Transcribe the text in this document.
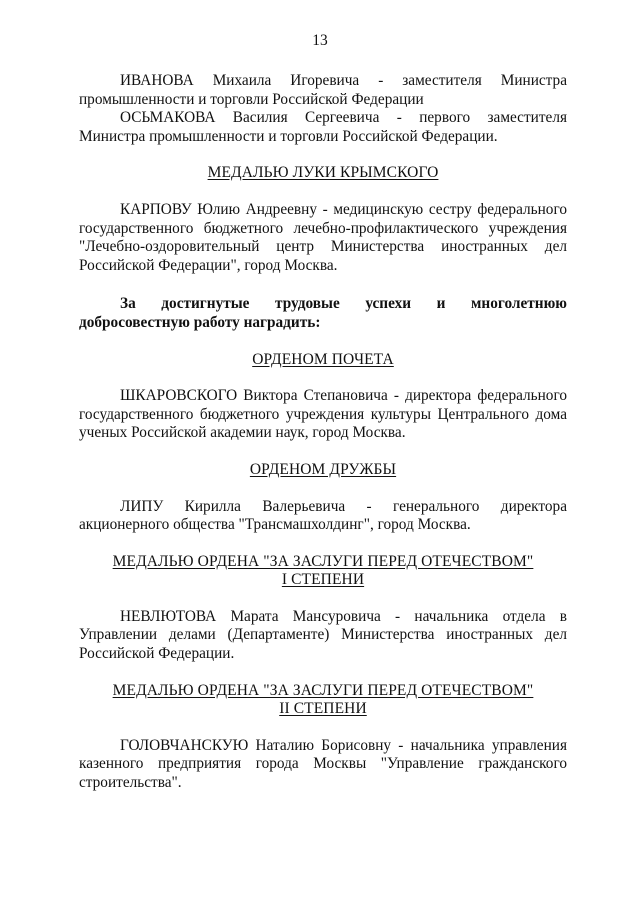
13

ИВАНОВА Михаила Игоревича - заместителя Министра промышленности и торговли Российской Федерации

ОСЬМАКОВА Василия Сергеевича - первого заместителя Министра промышленности и торговли Российской Федерации.

МЕДАЛЬЮ ЛУКИ КРЫМСКОГО

КАРПОВУ Юлию Андреевну - медицинскую сестру федерального государственного бюджетного лечебно-профилактического учреждения "Лечебно-оздоровительный центр Министерства иностранных дел Российской Федерации", город Москва.

За достигнутые трудовые успехи и многолетнюю добросовестную работу наградить:

ОРДЕНОМ ПОЧЕТА

ШКАРОВСКОГО Виктора Степановича - директора федерального государственного бюджетного учреждения культуры Центрального дома ученых Российской академии наук, город Москва.

ОРДЕНОМ ДРУЖБЫ

ЛИПУ Кирилла Валерьевича - генерального директора акционерного общества "Трансмашхолдинг", город Москва.

МЕДАЛЬЮ ОРДЕНА "ЗА ЗАСЛУГИ ПЕРЕД ОТЕЧЕСТВОМ"
I СТЕПЕНИ

НЕВЛЮТОВА Марата Мансуровича - начальника отдела в Управлении делами (Департаменте) Министерства иностранных дел Российской Федерации.

МЕДАЛЬЮ ОРДЕНА "ЗА ЗАСЛУГИ ПЕРЕД ОТЕЧЕСТВОМ"
II СТЕПЕНИ

ГОЛОВЧАНСКУЮ Наталию Борисовну - начальника управления казенного предприятия города Москвы "Управление гражданского строительства".
